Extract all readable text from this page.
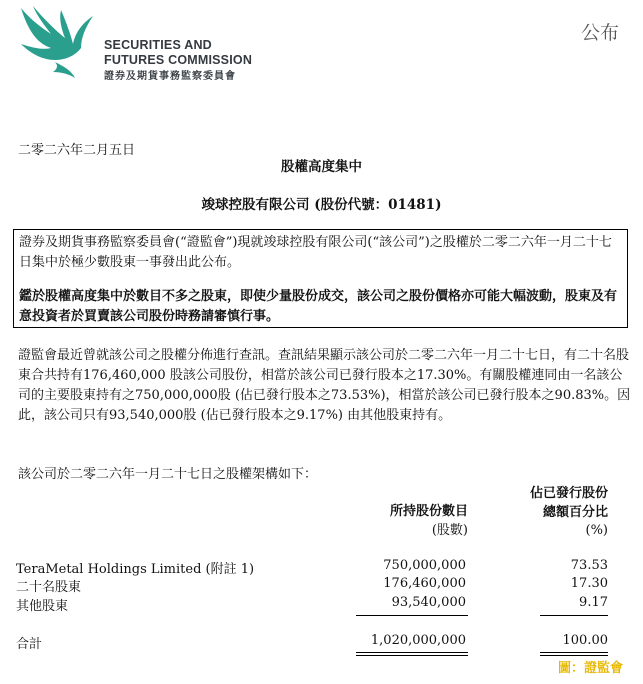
SECURITIES AND
FUTURES COMMISSION
證券及期貨事務監察委員會
公布
二零二六年二月五日
股權高度集中
竣球控股有限公司 (股份代號：01481)

證券及期貨事務監察委員會(“證監會”)現就竣球控股有限公司(“該公司”)之股權於二零二六年一月二十七日集中於極少數股東一事發出此公布。

鑑於股權高度集中於數目不多之股東，即使少量股份成交，該公司之股份價格亦可能大幅波動，股東及有意投資者於買賣該公司股份時務請審慎行事。

證監會最近曾就該公司之股權分佈進行查訊。查訊結果顯示該公司於二零二六年一月二十七日，有二十名股東合共持有176,460,000 股該公司股份，相當於該公司已發行股本之17.30%。有關股權連同由一名該公司的主要股東持有之750,000,000股 (佔已發行股本之73.53%)，相當於該公司已發行股本之90.83%。因此，該公司只有93,540,000股 (佔已發行股本之9.17%) 由其他股東持有。

該公司於二零二六年一月二十七日之股權架構如下：
佔已發行股份
總額百分比
所持股份數目
(股數)	(%)
TeraMetal Holdings Limited (附註 1)	750,000,000	73.53
二十名股東	176,460,000	17.30
其他股東	93,540,000	9.17
合計	1,020,000,000	100.00
圖：證監會
